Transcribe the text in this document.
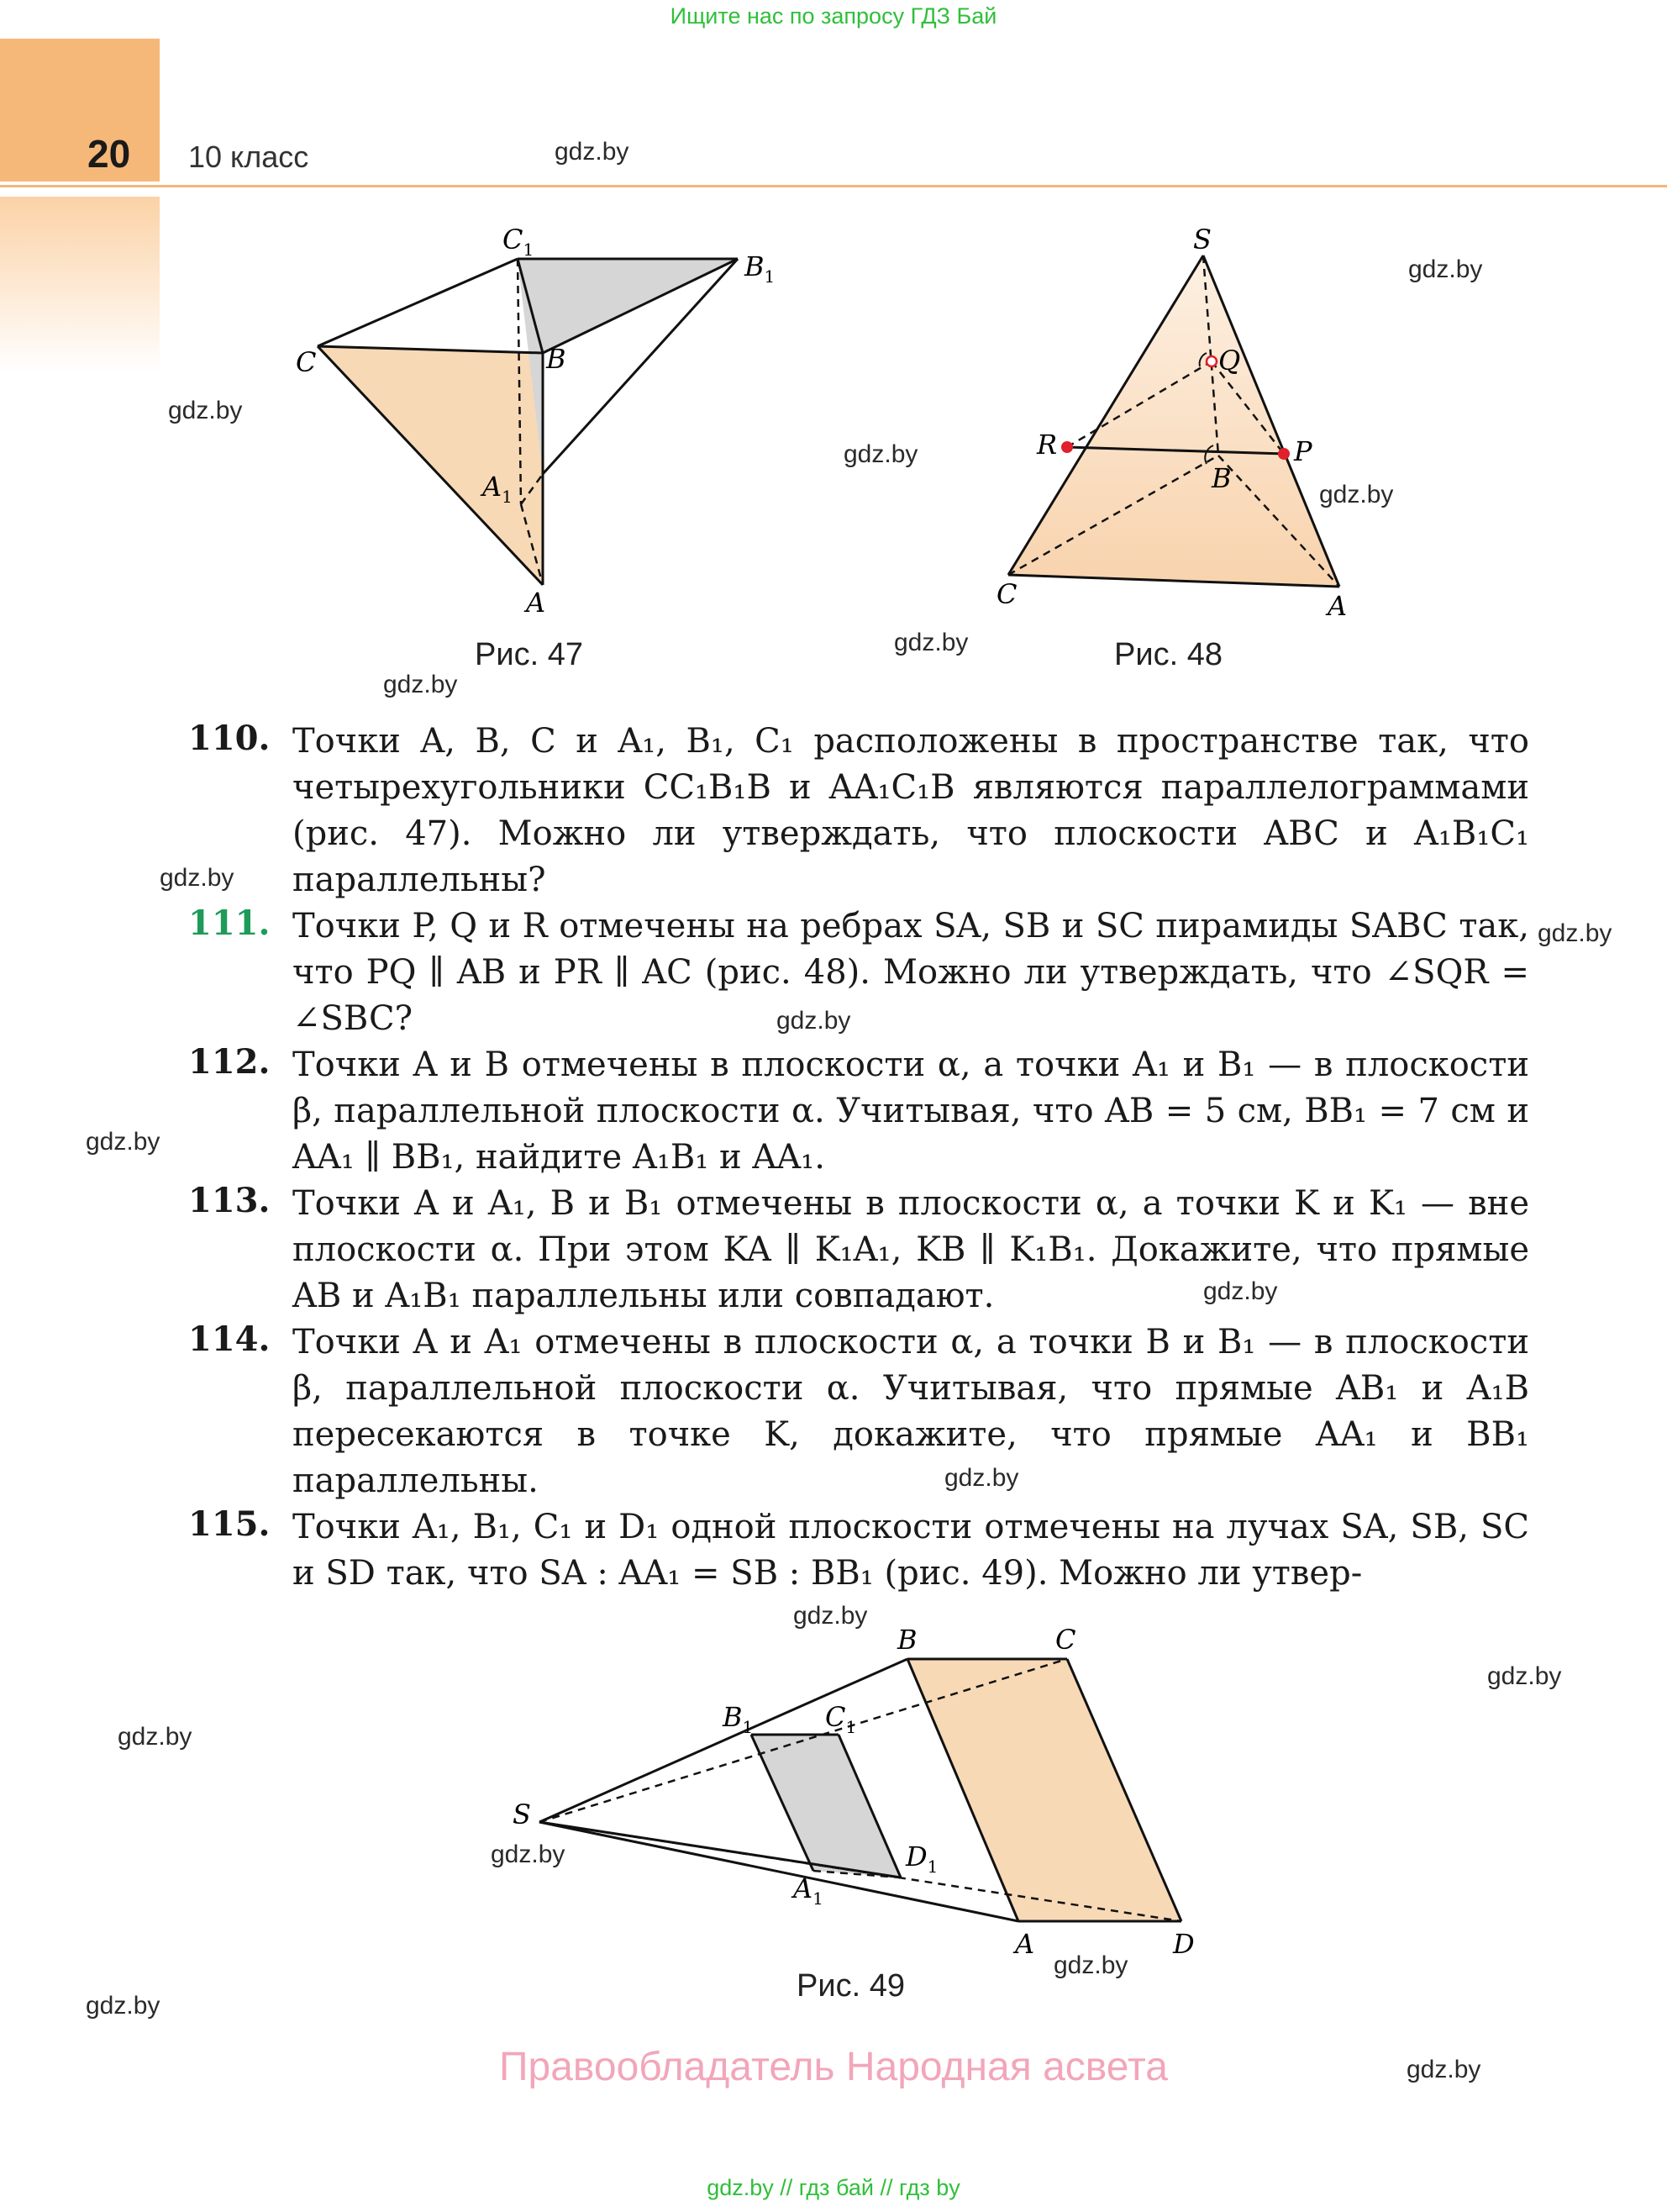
Ищите нас по запросу ГДЗ Бай
20 10 класс	gdz.by
gdz.by
gdz.by
gdz.by
gdz.by
gdz.by
gdz.by
gdz.by
gdz.by
gdz.by
gdz.by
gdz.by
gdz.by
gdz.by
gdz.by
gdz.by
gdz.by
gdz.by
gdz.by
gdz.by
$C_1$
$B_1$
C	B
$A_1$
A
Рис. 47
S
Q
R	P
B
C	A
Рис. 48
110. Точки A, B, C и A₁, B₁, C₁ расположены в пространстве так, что четырехугольники CC₁B₁B и AA₁C₁B являются параллелограммами (рис. 47). Можно ли утверждать, что плоскости ABC и A₁B₁C₁ параллельны?

111. Точки P, Q и R отмечены на ребрах SA, SB и SC пирамиды SABC так, что PQ ∥ AB и PR ∥ AC (рис. 48). Можно ли утверждать, что ∠SQR = ∠SBC?

112. Точки A и B отмечены в плоскости α, а точки A₁ и B₁ — в плоскости β, параллельной плоскости α. Учитывая, что AB = 5 см, BB₁ = 7 см и AA₁ ∥ BB₁, найдите A₁B₁ и AA₁.

113. Точки A и A₁, B и B₁ отмечены в плоскости α, а точки K и K₁ — вне плоскости α. При этом KA ∥ K₁A₁, KB ∥ K₁B₁. Докажите, что прямые AB и A₁B₁ параллельны или совпадают.

114. Точки A и A₁ отмечены в плоскости α, а точки B и B₁ — в плоскости β, параллельной плоскости α. Учитывая, что прямые AB₁ и A₁B пересекаются в точке K, докажите, что прямые AA₁ и BB₁ параллельны.

115. Точки A₁, B₁, C₁ и D₁ одной плоскости отмечены на лучах SA, SB, SC и SD так, что SA : AA₁ = SB : BB₁ (рис. 49). Можно ли утвер-

B	C
$B_1$	$C_1$
S
$D_1$
$A_1$
A	D
Рис. 49
Правообладатель Народная асвета
gdz.by // гдз бай // гдз by
